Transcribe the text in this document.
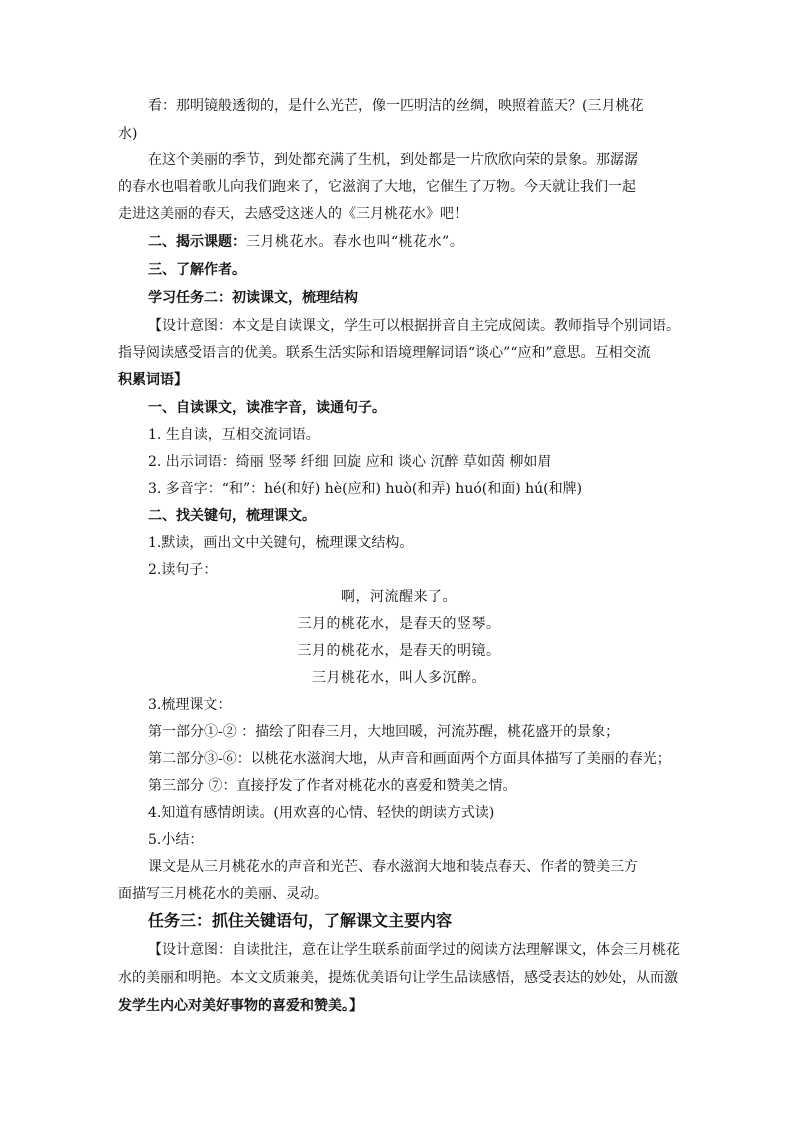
看：那明镜般透彻的，是什么光芒，像一匹明洁的丝绸，映照着蓝天？(三月桃花
水)
在这个美丽的季节，到处都充满了生机，到处都是一片欣欣向荣的景象。那潺潺
的春水也唱着歌儿向我们跑来了，它滋润了大地，它催生了万物。今天就让我们一起
走进这美丽的春天，去感受这迷人的《三月桃花水》吧！
二、揭示课题：三月桃花水。春水也叫“桃花水”。
三、了解作者。
学习任务二：初读课文，梳理结构
【设计意图：本文是自读课文，学生可以根据拼音自主完成阅读。教师指导个别词语。
指导阅读感受语言的优美。联系生活实际和语境理解词语“谈心”“应和”意思。互相交流
积累词语】
一、自读课文，读准字音，读通句子。
1. 生自读，互相交流词语。
2. 出示词语：绮丽 竖琴 纤细 回旋 应和 谈心 沉醉 草如茵 柳如眉
3. 多音字：“和”：hé(和好) hè(应和) huò(和弄) huó(和面) hú(和牌)
二、找关键句，梳理课文。
1.默读，画出文中关键句，梳理课文结构。
2.读句子：
啊，河流醒来了。
三月的桃花水，是春天的竖琴。
三月的桃花水，是春天的明镜。
三月桃花水，叫人多沉醉。
3.梳理课文：
第一部分①-② ：描绘了阳春三月，大地回暖，河流苏醒，桃花盛开的景象；
第二部分③-⑥：以桃花水滋润大地，从声音和画面两个方面具体描写了美丽的春光；
第三部分 ⑦：直接抒发了作者对桃花水的喜爱和赞美之情。
4.知道有感情朗读。(用欢喜的心情、轻快的朗读方式读)
5.小结：
课文是从三月桃花水的声音和光芒、春水滋润大地和装点春天、作者的赞美三方
面描写三月桃花水的美丽、灵动。
任务三：抓住关键语句，了解课文主要内容
【设计意图：自读批注，意在让学生联系前面学过的阅读方法理解课文，体会三月桃花
水的美丽和明艳。本文文质兼美，提炼优美语句让学生品读感悟，感受表达的妙处，从而激
发学生内心对美好事物的喜爱和赞美。】
